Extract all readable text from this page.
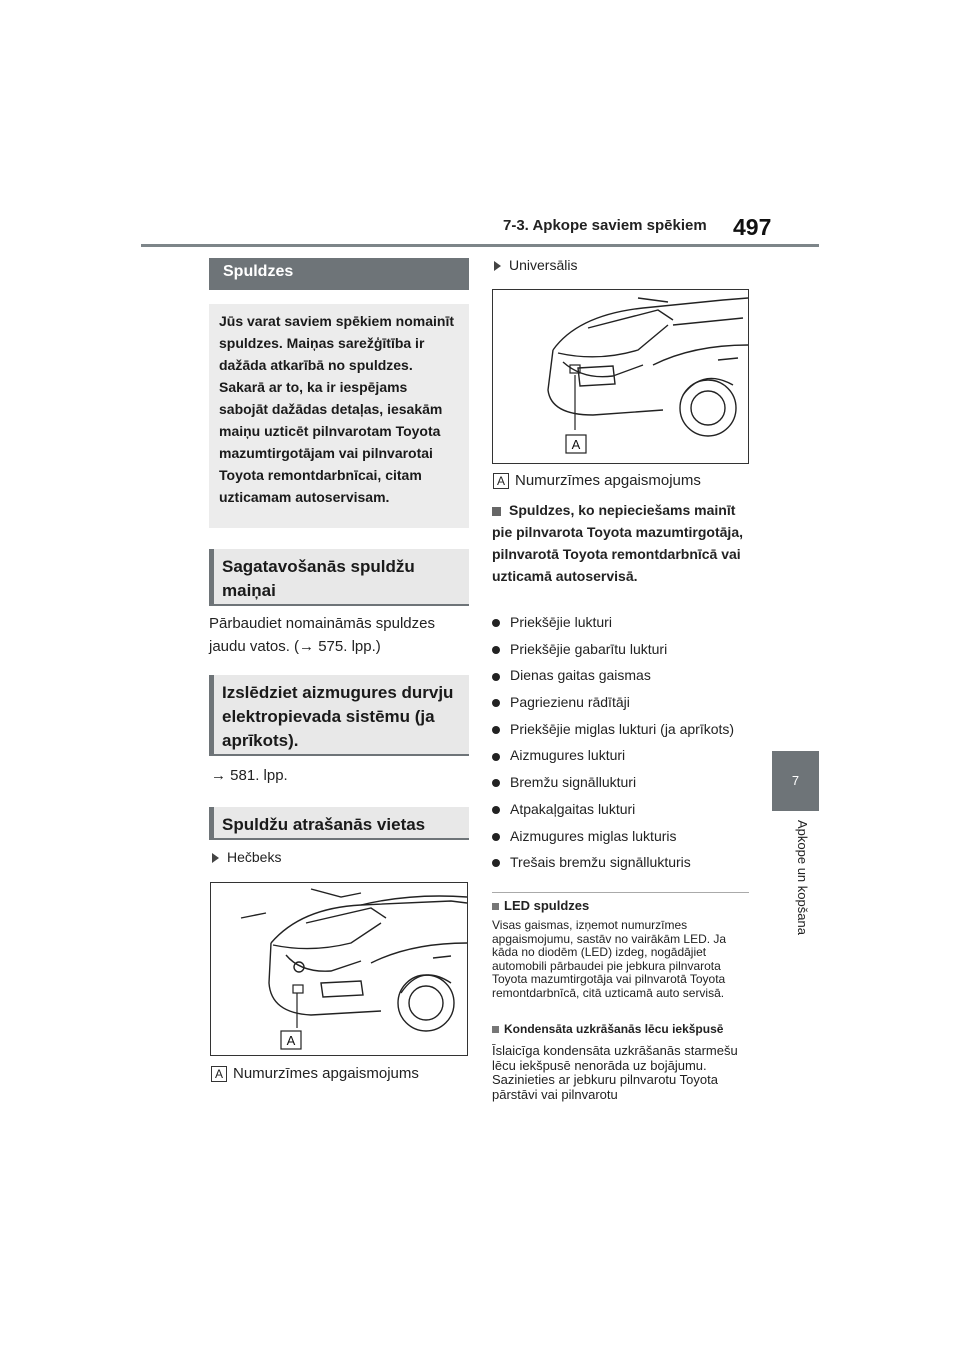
7-3. Apkope saviem spēkiem 497
7
Apkope un kopšana
Spuldzes
Jūs varat saviem spēkiem nomainīt spuldzes. Maiņas sarežģītība ir dažāda atkarībā no spuldzes. Sakarā ar to, ka ir iespējams sabojāt dažādas detaļas, iesakām maiņu uzticēt pilnvarotam Toyota mazumtirgotājam vai pilnvarotai Toyota remontdarbnīcai, citam uzticamam autoservisam.
Sagatavošanās spuldžu maiņai
Pārbaudiet nomaināmās spuldzes jaudu vatos. (→ 575. lpp.)
Izslēdziet aizmugures durvju elektropievada sistēmu (ja aprīkots).
→ 581. lpp.
Spuldžu atrašanās vietas
Hečbeks
A
A Numurzīmes apgaismojums
Universālis
A
A Numurzīmes apgaismojums
Spuldzes, ko nepieciešams mainīt pie pilnvarota Toyota mazumtirgotāja, pilnvarotā Toyota remontdarbnīcā vai uzticamā autoservisā.
Priekšējie lukturi
Priekšējie gabarītu lukturi
Dienas gaitas gaismas
Pagriezienu rādītāji
Priekšējie miglas lukturi (ja aprīkots)
Aizmugures lukturi
Bremžu signāllukturi
Atpakaļgaitas lukturi
Aizmugures miglas lukturis
Trešais bremžu signāllukturis
LED spuldzes
Visas gaismas, izņemot numurzīmes apgaismojumu, sastāv no vairākām LED. Ja kāda no diodēm (LED) izdeg, nogādājiet automobili pārbaudei pie jebkura pilnvarota Toyota mazumtirgotāja vai pilnvarotā Toyota remontdarbnīcā, citā uzticamā auto servisā.
Kondensāta uzkrāšanās lēcu iekšpusē
Īslaicīga kondensāta uzkrāšanās starmešu lēcu iekšpusē nenorāda uz bojājumu. Sazinieties ar jebkuru pilnvarotu Toyota pārstāvi vai pilnvarotu
